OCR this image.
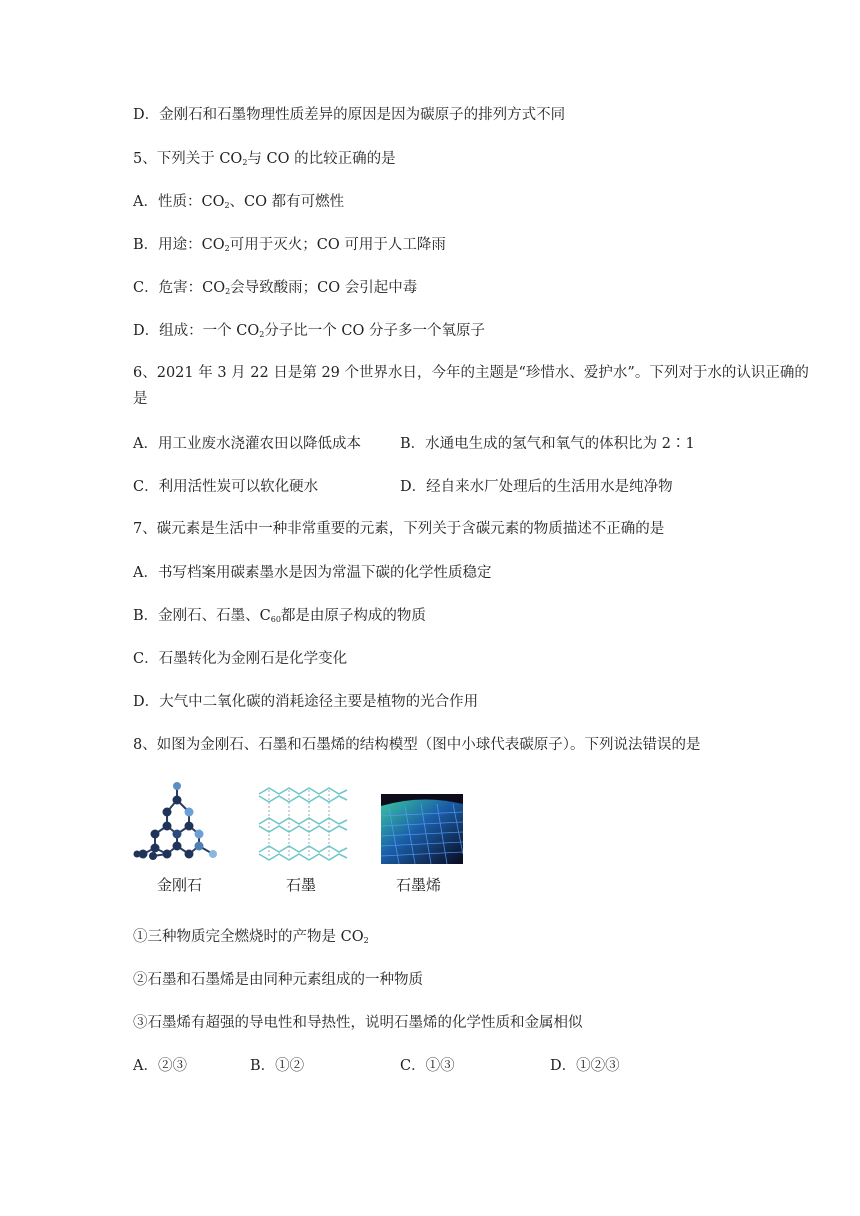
D．金刚石和石墨物理性质差异的原因是因为碳原子的排列方式不同
5、下列关于 $CO_2$与 CO 的比较正确的是
A．性质：$CO_2$、CO 都有可燃性
B．用途：$CO_2$可用于灭火；CO 可用于人工降雨
C．危害：$CO_2$会导致酸雨；CO 会引起中毒
D．组成：一个 $CO_2$分子比一个 CO 分子多一个氧原子
6、2021 年 3 月 22 日是第 29 个世界水日，今年的主题是“珍惜水、爱护水”。下列对于水的认识正确的是
A．用工业废水浇灌农田以降低成本	B．水通电生成的氢气和氧气的体积比为 2∶1
C．利用活性炭可以软化硬水	D．经自来水厂处理后的生活用水是纯净物
7、碳元素是生活中一种非常重要的元素，下列关于含碳元素的物质描述不正确的是
A．书写档案用碳素墨水是因为常温下碳的化学性质稳定
B．金刚石、石墨、$C_{60}$都是由原子构成的物质
C．石墨转化为金刚石是化学变化
D．大气中二氧化碳的消耗途径主要是植物的光合作用
8、如图为金刚石、石墨和石墨烯的结构模型（图中小球代表碳原子）。下列说法错误的是
金刚石	石墨	石墨烯
①三种物质完全燃烧时的产物是 $CO_2$
②石墨和石墨烯是由同种元素组成的一种物质
③石墨烯有超强的导电性和导热性，说明石墨烯的化学性质和金属相似
A．②③	B．①②	C．①③	D．①②③
